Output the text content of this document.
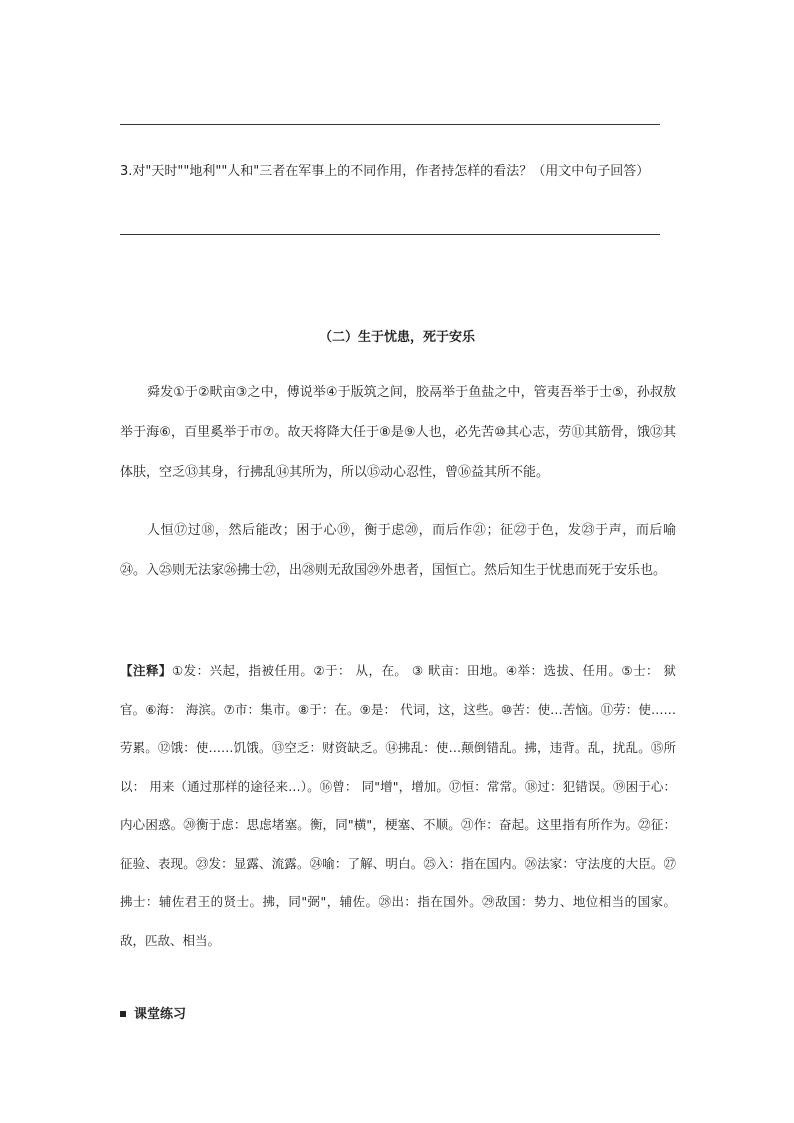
3.对"天时""地利""人和"三者在军事上的不同作用，作者持怎样的看法？（用文中句子回答）
（二）生于忧患，死于安乐

舜发①于②畎亩③之中，傅说举④于版筑之间，胶鬲举于鱼盐之中，管夷吾举于士⑤，孙叔敖举于海⑥，百里奚举于市⑦。故天将降大任于⑧是⑨人也，必先苦⑩其心志，劳⑪其筋骨，饿⑫其体肤，空乏⑬其身，行拂乱⑭其所为，所以⑮动心忍性，曾⑯益其所不能。

人恒⑰过⑱，然后能改；困于心⑲，衡于虑⑳，而后作㉑；征㉒于色，发㉓于声，而后喻㉔。入㉕则无法家㉖拂士㉗，出㉘则无敌国㉙外患者，国恒亡。然后知生于忧患而死于安乐也。

【注释】①发：兴起，指被任用。②于： 从，在。 ③ 畎亩：田地。④举：选拔、任用。⑤士： 狱官。⑥海： 海滨。⑦市：集市。⑧于：在。⑨是： 代词，这，这些。⑩苦：使…苦恼。⑪劳：使……劳累。⑫饿：使……饥饿。⑬空乏：财资缺乏。⑭拂乱：使…颠倒错乱。拂，违背。乱，扰乱。⑮所以： 用来（通过那样的途径来…）。⑯曾： 同"增"，增加。⑰恒：常常。⑱过：犯错误。⑲困于心：内心困惑。⑳衡于虑：思虑堵塞。衡，同"横"，梗塞、不顺。㉑作：奋起。这里指有所作为。㉒征：征验、表现。㉓发：显露、流露。㉔喻：了解、明白。㉕入：指在国内。㉖法家：守法度的大臣。㉗拂士：辅佐君王的贤士。拂，同"弼"，辅佐。㉘出：指在国外。㉙敌国：势力、地位相当的国家。敌，匹敌、相当。

课堂练习
